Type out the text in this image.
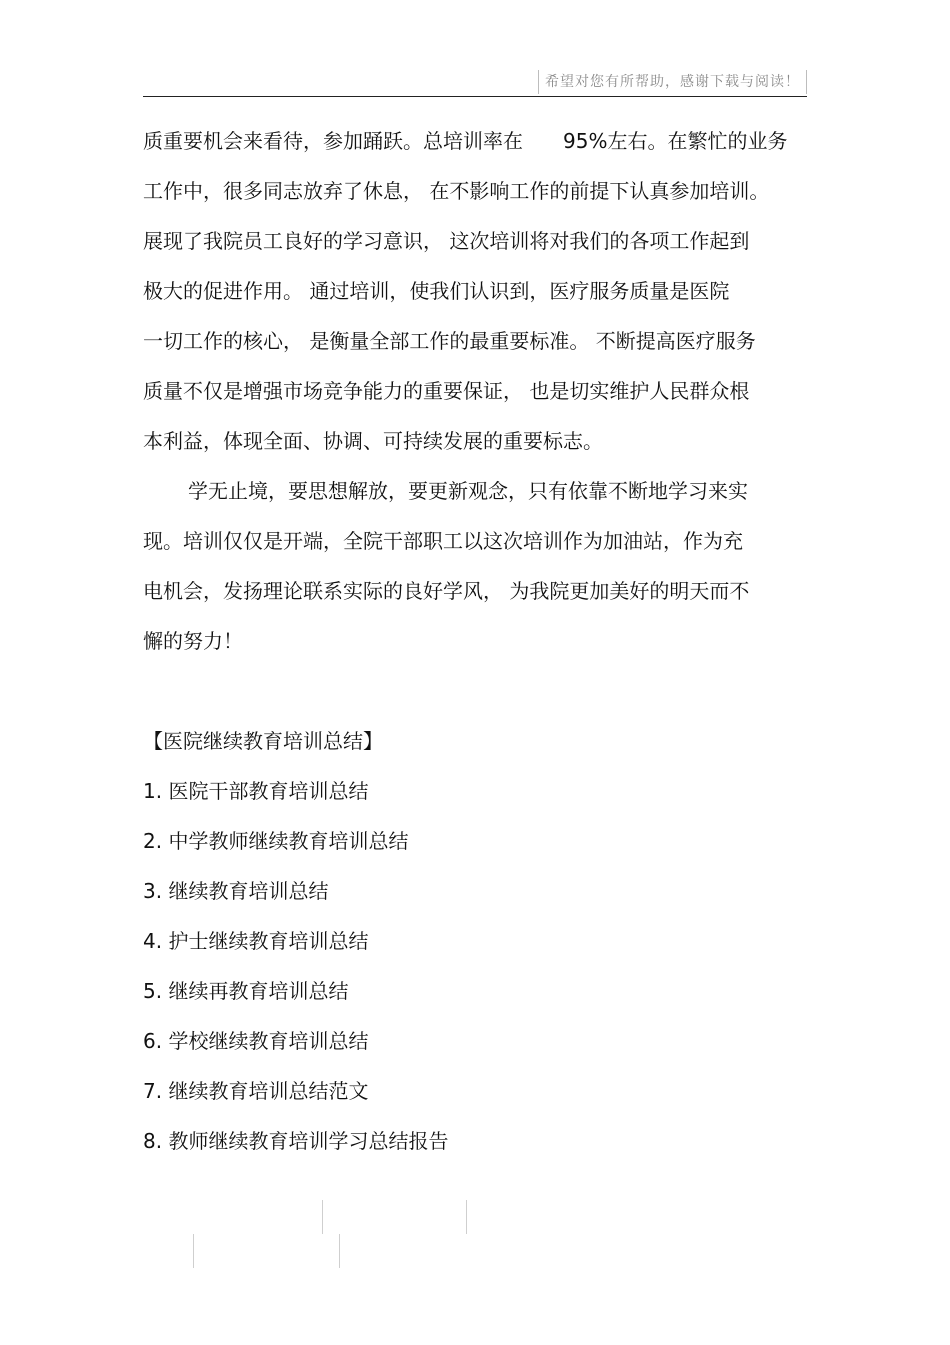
希望对您有所帮助，感谢下载与阅读！
质重要机会来看待，参加踊跃。总培训率在　　95%左右。在繁忙的业务
工作中，很多同志放弃了休息， 在不影响工作的前提下认真参加培训。
展现了我院员工良好的学习意识， 这次培训将对我们的各项工作起到
极大的促进作用。 通过培训，使我们认识到，医疗服务质量是医院
一切工作的核心， 是衡量全部工作的最重要标准。 不断提高医疗服务
质量不仅是增强市场竞争能力的重要保证， 也是切实维护人民群众根
本利益，体现全面、协调、可持续发展的重要标志。
学无止境，要思想解放，要更新观念，只有依靠不断地学习来实
现。培训仅仅是开端，全院干部职工以这次培训作为加油站，作为充
电机会，发扬理论联系实际的良好学风， 为我院更加美好的明天而不
懈的努力！
【医院继续教育培训总结】
1. 医院干部教育培训总结
2. 中学教师继续教育培训总结
3. 继续教育培训总结
4. 护士继续教育培训总结
5. 继续再教育培训总结
6. 学校继续教育培训总结
7. 继续教育培训总结范文
8. 教师继续教育培训学习总结报告
